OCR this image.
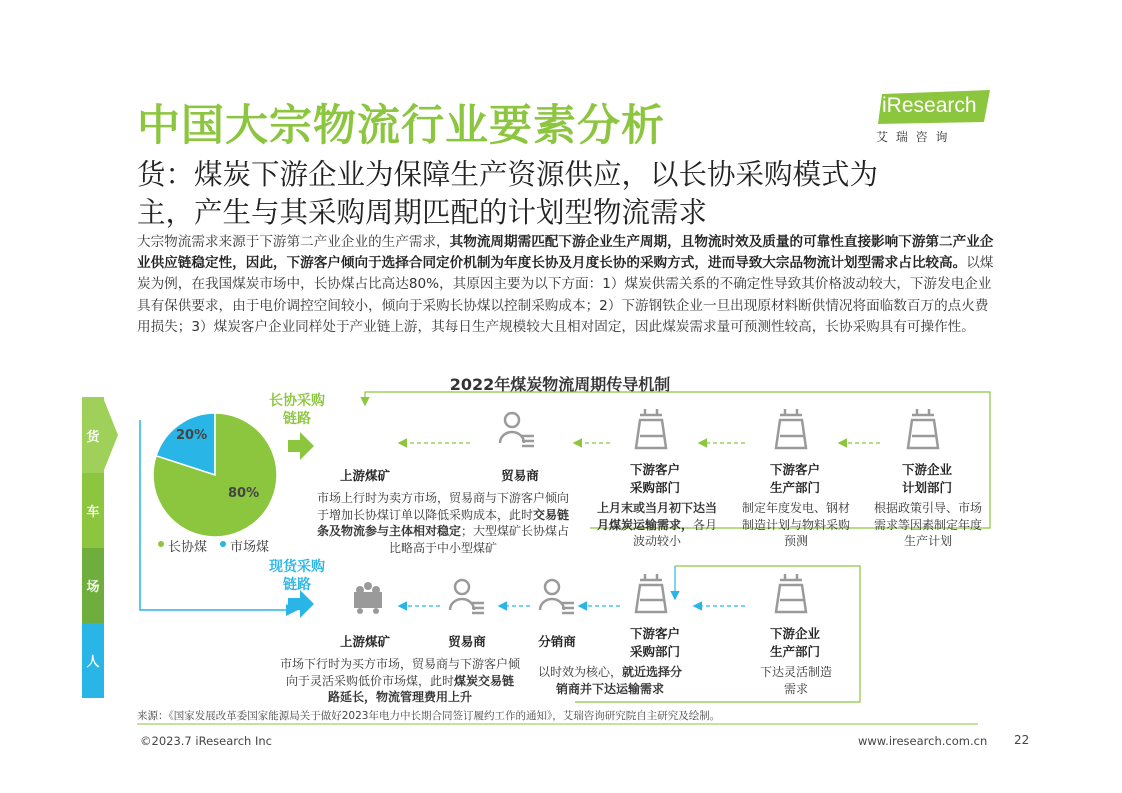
中国大宗物流行业要素分析
货：煤炭下游企业为保障生产资源供应，以长协采购模式为
主，产生与其采购周期匹配的计划型物流需求
iResearch
艾 瑞 咨 询
大宗物流需求来源于下游第二产业企业的生产需求，其物流周期需匹配下游企业生产周期，且物流时效及质量的可靠性直接影响下游第二产业企业供应链稳定性，因此，下游客户倾向于选择合同定价机制为年度长协及月度长协的采购方式，进而导致大宗品物流计划型需求占比较高。以煤炭为例，在我国煤炭市场中，长协煤占比高达80%，其原因主要为以下方面：1）煤炭供需关系的不确定性导致其价格波动较大，下游发电企业具有保供要求，由于电价调控空间较小，倾向于采购长协煤以控制采购成本；2）下游钢铁企业一旦出现原材料断供情况将面临数百万的点火费用损失；3）煤炭客户企业同样处于产业链上游，其每日生产规模较大且相对固定，因此煤炭需求量可预测性较高，长协采购具有可操作性。
2022年煤炭物流周期传导机制
货
车
场
人
20%
80%
长协煤 市场煤
长协采购
链路
现货采购
链路
上游煤矿	贸易商	下游客户
采购部门
下游客户
生产部门
下游企业
计划部门
市场上行时为卖方市场，贸易商与下游客户倾向于增加长协煤订单以降低采购成本，此时交易链条及物流参与主体相对稳定；大型煤矿长协煤占比略高于中小型煤矿
上月末或当月初下达当月煤炭运输需求，各月波动较小
制定年度发电、钢材制造计划与物料采购预测
根据政策引导、市场需求等因素制定年度生产计划
上游煤矿	贸易商	分销商
下游客户
采购部门
下游企业
生产部门
市场下行时为买方市场，贸易商与下游客户倾向于灵活采购低价市场煤，此时煤炭交易链路延长，物流管理费用上升
以时效为核心，就近选择分销商并下达运输需求
下达灵活制造需求
来源：《国家发展改革委国家能源局关于做好2023年电力中长期合同签订履约工作的通知》，艾瑞咨询研究院自主研究及绘制。
©2023.7 iResearch Inc	www.iresearch.com.cn 22
